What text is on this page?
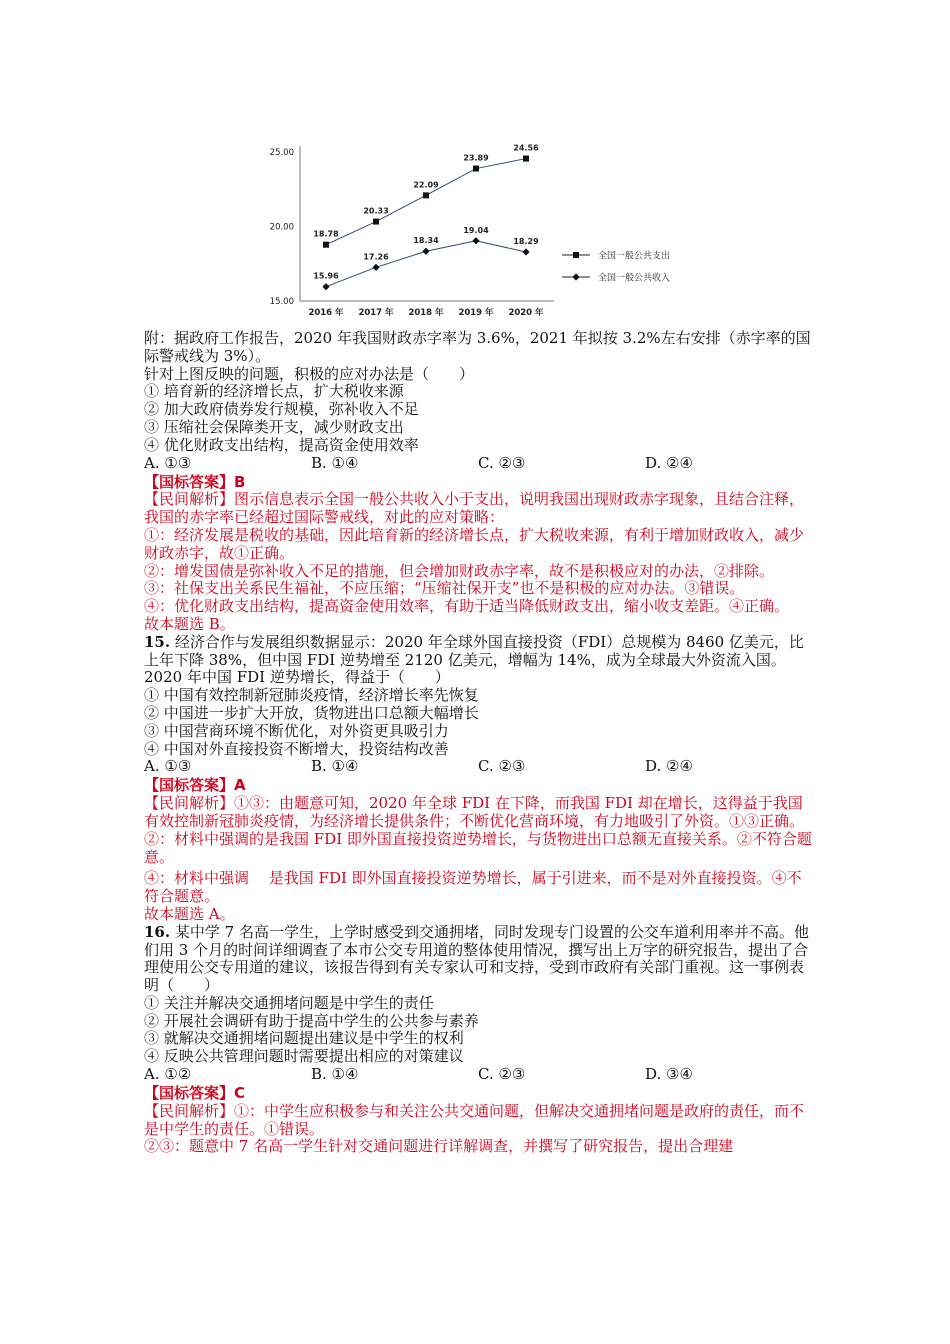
15.00
20.00
25.00
2016 年 2017 年 2018 年 2019 年 2020 年
18.78
20.33
22.09
23.89
24.56
15.96
17.26
18.34
19.04
18.29
全国一般公共支出
全国一般公共收入
附：据政府工作报告，2020 年我国财政赤字率为 3.6%，2021 年拟按 3.2%左右安排（赤字率的国际警戒线为 3%）。
针对上图反映的问题，积极的应对办法是（　　）
① 培育新的经济增长点，扩大税收来源
② 加大政府债券发行规模，弥补收入不足
③ 压缩社会保障类开支，减少财政支出
④ 优化财政支出结构，提高资金使用效率
A. ①③	B. ①④	C. ②③	D. ②④
【国标答案】B
【民间解析】图示信息表示全国一般公共收入小于支出，说明我国出现财政赤字现象，且结合注释，我国的赤字率已经超过国际警戒线，对此的应对策略：
①：经济发展是税收的基础，因此培育新的经济增长点，扩大税收来源，有利于增加财政收入，减少财政赤字，故①正确。
②：增发国债是弥补收入不足的措施，但会增加财政赤字率，故不是积极应对的办法，②排除。
③：社保支出关系民生福祉，不应压缩；“压缩社保开支”也不是积极的应对办法。③错误。
④：优化财政支出结构，提高资金使用效率，有助于适当降低财政支出，缩小收支差距。④正确。
故本题选 B。
15. 经济合作与发展组织数据显示：2020 年全球外国直接投资（FDI）总规模为 8460 亿美元，比上年下降 38%，但中国 FDI 逆势增至 2120 亿美元，增幅为 14%，成为全球最大外资流入国。2020 年中国 FDI 逆势增长，得益于（　　）
① 中国有效控制新冠肺炎疫情，经济增长率先恢复
② 中国进一步扩大开放，货物进出口总额大幅增长
③ 中国营商环境不断优化，对外资更具吸引力
④ 中国对外直接投资不断增大，投资结构改善
A. ①③	B. ①④	C. ②③	D. ②④
【国标答案】A
【民间解析】①③：由题意可知，2020 年全球 FDI 在下降，而我国 FDI 却在增长，这得益于我国有效控制新冠肺炎疫情，为经济增长提供条件；不断优化营商环境，有力地吸引了外资。①③正确。
②：材料中强调的是我国 FDI 即外国直接投资逆势增长，与货物进出口总额无直接关系。②不符合题意。
④：材料中强调　 是我国 FDI 即外国直接投资逆势增长，属于引进来，而不是对外直接投资。④不符合题意。
故本题选 A。
16. 某中学 7 名高一学生，上学时感受到交通拥堵，同时发现专门设置的公交车道利用率并不高。他们用 3 个月的时间详细调查了本市公交专用道的整体使用情况，撰写出上万字的研究报告，提出了合理使用公交专用道的建议，该报告得到有关专家认可和支持，受到市政府有关部门重视。这一事例表明（　　）
① 关注并解决交通拥堵问题是中学生的责任
② 开展社会调研有助于提高中学生的公共参与素养
③ 就解决交通拥堵问题提出建议是中学生的权利
④ 反映公共管理问题时需要提出相应的对策建议
A. ①②	B. ①④	C. ②③	D. ③④
【国标答案】C
【民间解析】①：中学生应积极参与和关注公共交通问题，但解决交通拥堵问题是政府的责任，而不是中学生的责任。①错误。
②③：题意中 7 名高一学生针对交通问题进行详解调查，并撰写了研究报告，提出合理建
